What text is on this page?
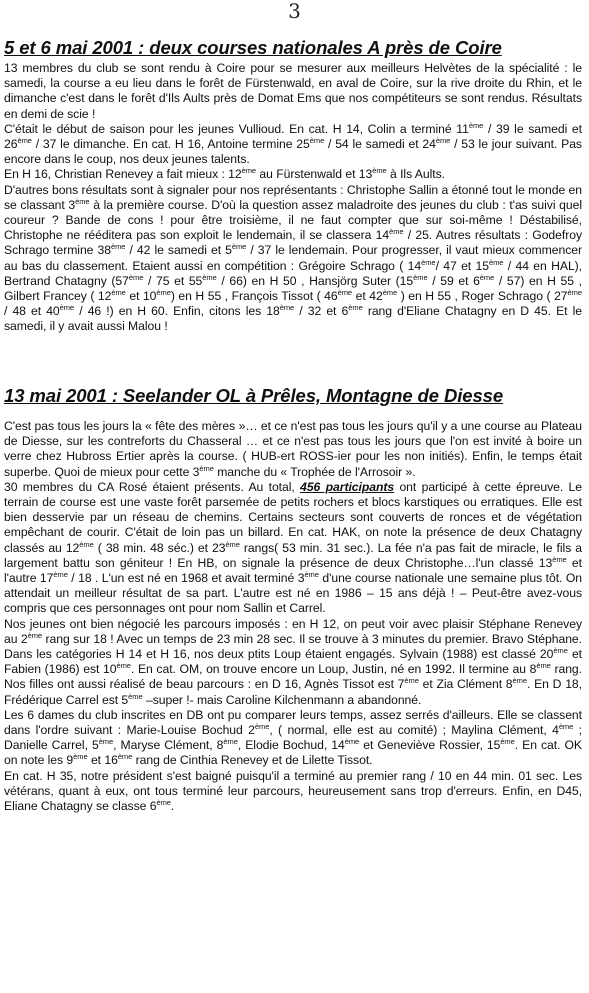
3
5 et 6 mai 2001 : deux courses nationales A près de Coire

13 membres du club se sont rendu à Coire pour se mesurer aux meilleurs Helvètes de la spécialité : le samedi, la course a eu lieu dans le forêt de Fürstenwald, en aval de Coire, sur la rive droite du Rhin, et le dimanche c'est dans le forêt d'Ils Aults près de Domat Ems que nos compétiteurs se sont rendus. Résultats en demi de scie !

C'était le début de saison pour les jeunes Vullioud. En cat. H 14, Colin a terminé 11ème / 39 le samedi et 26ème / 37 le dimanche. En cat. H 16, Antoine termine 25ème / 54 le samedi et 24ème / 53 le jour suivant. Pas encore dans le coup, nos deux jeunes talents.

En H 16, Christian Renevey a fait mieux : 12ème au Fürstenwald et 13ème à Ils Aults.

D'autres bons résultats sont à signaler pour nos représentants : Christophe Sallin a étonné tout le monde en se classant 3ème à la première course. D'où la question assez maladroite des jeunes du club : t'as suivi quel coureur ? Bande de cons ! pour être troisième, il ne faut compter que sur soi-même ! Déstabilisé, Christophe ne rééditera pas son exploit le lendemain, il se classera 14ème / 25. Autres résultats : Godefroy Schrago termine 38ème / 42 le samedi et 5ème / 37 le lendemain. Pour progresser, il vaut mieux commencer au bas du classement. Etaient aussi en compétition : Grégoire Schrago ( 14ème/ 47 et 15ème / 44 en HAL), Bertrand Chatagny (57ème / 75 et 55ème / 66) en H 50 , Hansjörg Suter (15ème / 59 et 6ème / 57) en H 55 , Gilbert Francey ( 12ème et 10ème) en H 55 , François Tissot ( 46ème et 42ème ) en H 55 , Roger Schrago ( 27ème / 48 et 40ème / 46 !) en H 60. Enfin, citons les 18ème / 32 et 6ème rang d'Eliane Chatagny en D 45. Et le samedi, il y avait aussi Malou !

13 mai 2001 : Seelander OL à Prêles, Montagne de Diesse

C'est pas tous les jours la « fête des mères »… et ce n'est pas tous les jours qu'il y a une course au Plateau de Diesse, sur les contreforts du Chasseral … et ce n'est pas tous les jours que l'on est invité à boire un verre chez Hubross Ertier après la course. ( HUB-ert ROSS-ier pour les non initiés). Enfin, le temps était superbe. Quoi de mieux pour cette 3ème manche du « Trophée de l'Arrosoir ».

30 membres du CA Rosé étaient présents. Au total, 456 participants ont participé à cette épreuve. Le terrain de course est une vaste forêt parsemée de petits rochers et blocs karstiques ou erratiques. Elle est bien desservie par un réseau de chemins. Certains secteurs sont couverts de ronces et de végétation empêchant de courir. C'était de loin pas un billard. En cat. HAK, on note la présence de deux Chatagny classés au 12ème ( 38 min. 48 séc.) et 23ème rangs( 53 min. 31 sec.). La fée n'a pas fait de miracle, le fils a largement battu son géniteur ! En HB, on signale la présence de deux Christophe…l'un classé 13ème et l'autre 17ème / 18 . L'un est né en 1968 et avait terminé 3ème d'une course nationale une semaine plus tôt. On attendait un meilleur résultat de sa part. L'autre est né en 1986 – 15 ans déjà ! – Peut-être avez-vous compris que ces personnages ont pour nom Sallin et Carrel.

Nos jeunes ont bien négocié les parcours imposés : en H 12, on peut voir avec plaisir Stéphane Renevey au 2ème rang sur 18 ! Avec un temps de 23 min 28 sec. Il se trouve à 3 minutes du premier. Bravo Stéphane. Dans les catégories H 14 et H 16, nos deux ptits Loup étaient engagés. Sylvain (1988) est classé 20ème et Fabien (1986) est 10ème. En cat. OM, on trouve encore un Loup, Justin, né en 1992. Il termine au 8ème rang. Nos filles ont aussi réalisé de beau parcours : en D 16, Agnès Tissot est 7ème et Zia Clément 8ème. En D 18, Frédérique Carrel est 5ème –super !- mais Caroline Kilchenmann a abandonné.

Les 6 dames du club inscrites en DB ont pu comparer leurs temps, assez serrés d'ailleurs. Elle se classent dans l'ordre suivant : Marie-Louise Bochud 2ème, ( normal, elle est au comité) ; Maylina Clément, 4ème ; Danielle Carrel, 5ème, Maryse Clément, 8ème, Elodie Bochud, 14ème et Geneviève Rossier, 15ème. En cat. OK on note les 9ème et 16ème rang de Cinthia Renevey et de Lilette Tissot.

En cat. H 35, notre président s'est baigné puisqu'il a terminé au premier rang / 10 en 44 min. 01 sec. Les vétérans, quant à eux, ont tous terminé leur parcours, heureusement sans trop d'erreurs. Enfin, en D45, Eliane Chatagny se classe 6ème.
